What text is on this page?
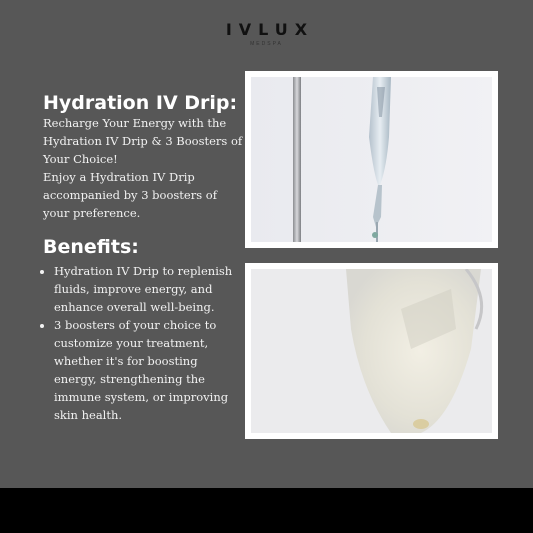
IVLUX
MEDSPA
Hydration IV Drip:

Recharge Your Energy with the Hydration IV Drip & 3 Boosters of Your Choice!

Enjoy a Hydration IV Drip accompanied by 3 boosters of your preference.

Benefits:
• Hydration IV Drip to replenish fluids, improve energy, and enhance overall well-being.
• 3 boosters of your choice to customize your treatment, whether it's for boosting energy, strengthening the immune system, or improving skin health.
